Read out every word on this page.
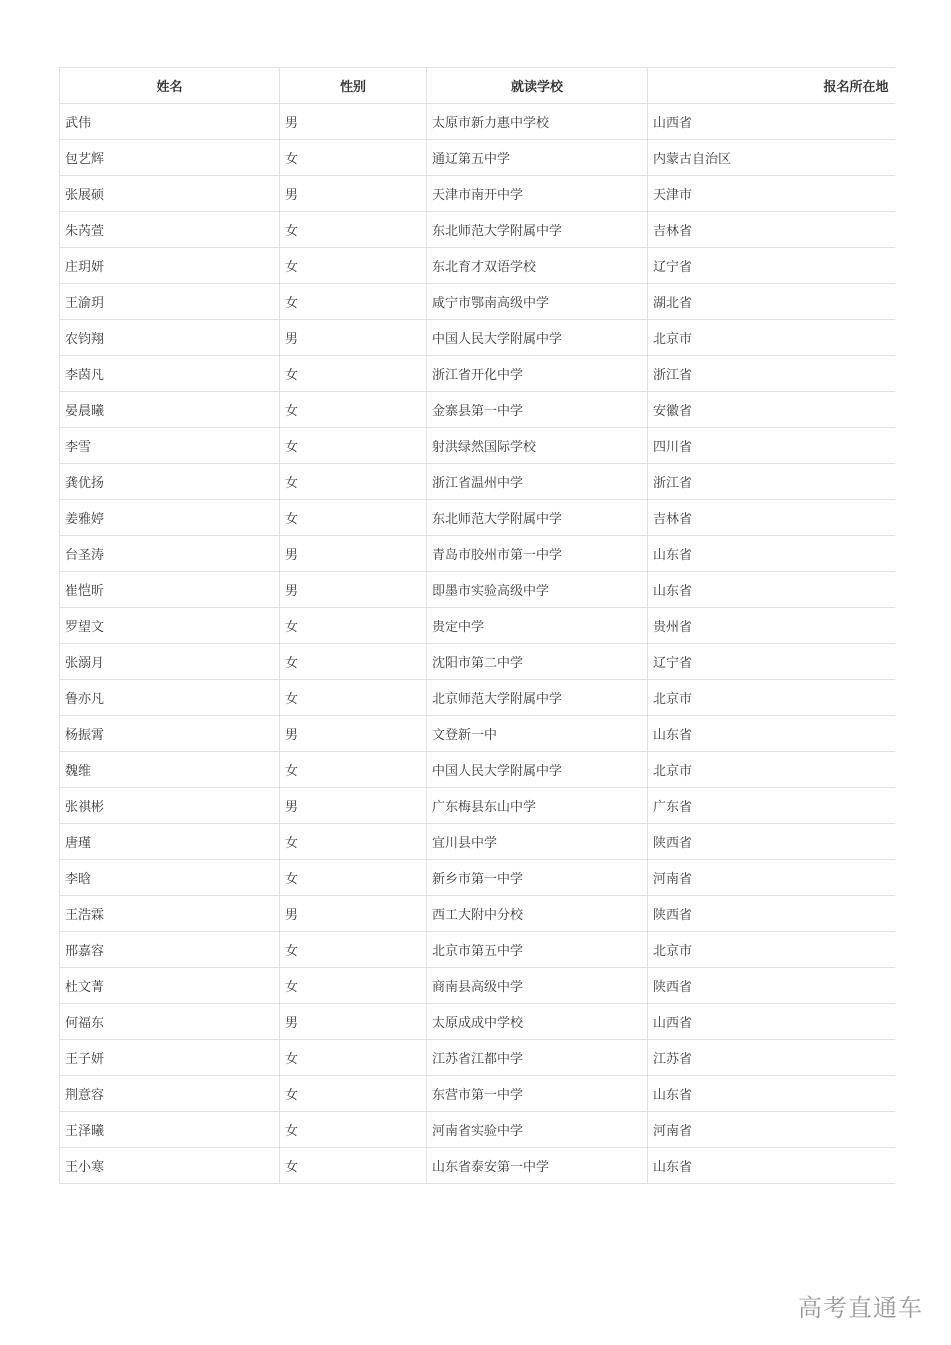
姓名	性别	就读学校	报名所在地
武伟	男	太原市新力惠中学校	山西省
包艺辉	女	通辽第五中学	内蒙古自治区
张展硕	男	天津市南开中学	天津市
朱芮萱	女	东北师范大学附属中学	吉林省
庄玥妍	女	东北育才双语学校	辽宁省
王渝玥	女	咸宁市鄂南高级中学	湖北省
农钧翔	男	中国人民大学附属中学	北京市
李茵凡	女	浙江省开化中学	浙江省
晏晨曦	女	金寨县第一中学	安徽省
李雪	女	射洪绿然国际学校	四川省
龚优扬	女	浙江省温州中学	浙江省
姜雅婷	女	东北师范大学附属中学	吉林省
台圣涛	男	青岛市胶州市第一中学	山东省
崔恺昕	男	即墨市实验高级中学	山东省
罗望文	女	贵定中学	贵州省
张溺月	女	沈阳市第二中学	辽宁省
鲁亦凡	女	北京师范大学附属中学	北京市
杨振霄	男	文登新一中	山东省
魏维	女	中国人民大学附属中学	北京市
张祺彬	男	广东梅县东山中学	广东省
唐瑾	女	宜川县中学	陕西省
李晗	女	新乡市第一中学	河南省
王浩霖	男	西工大附中分校	陕西省
邢嘉容	女	北京市第五中学	北京市
杜文菁	女	商南县高级中学	陕西省
何福东	男	太原成成中学校	山西省
王子妍	女	江苏省江都中学	江苏省
荆意容	女	东营市第一中学	山东省
王泽曦	女	河南省实验中学	河南省
王小寒	女	山东省泰安第一中学	山东省
高考直通车
